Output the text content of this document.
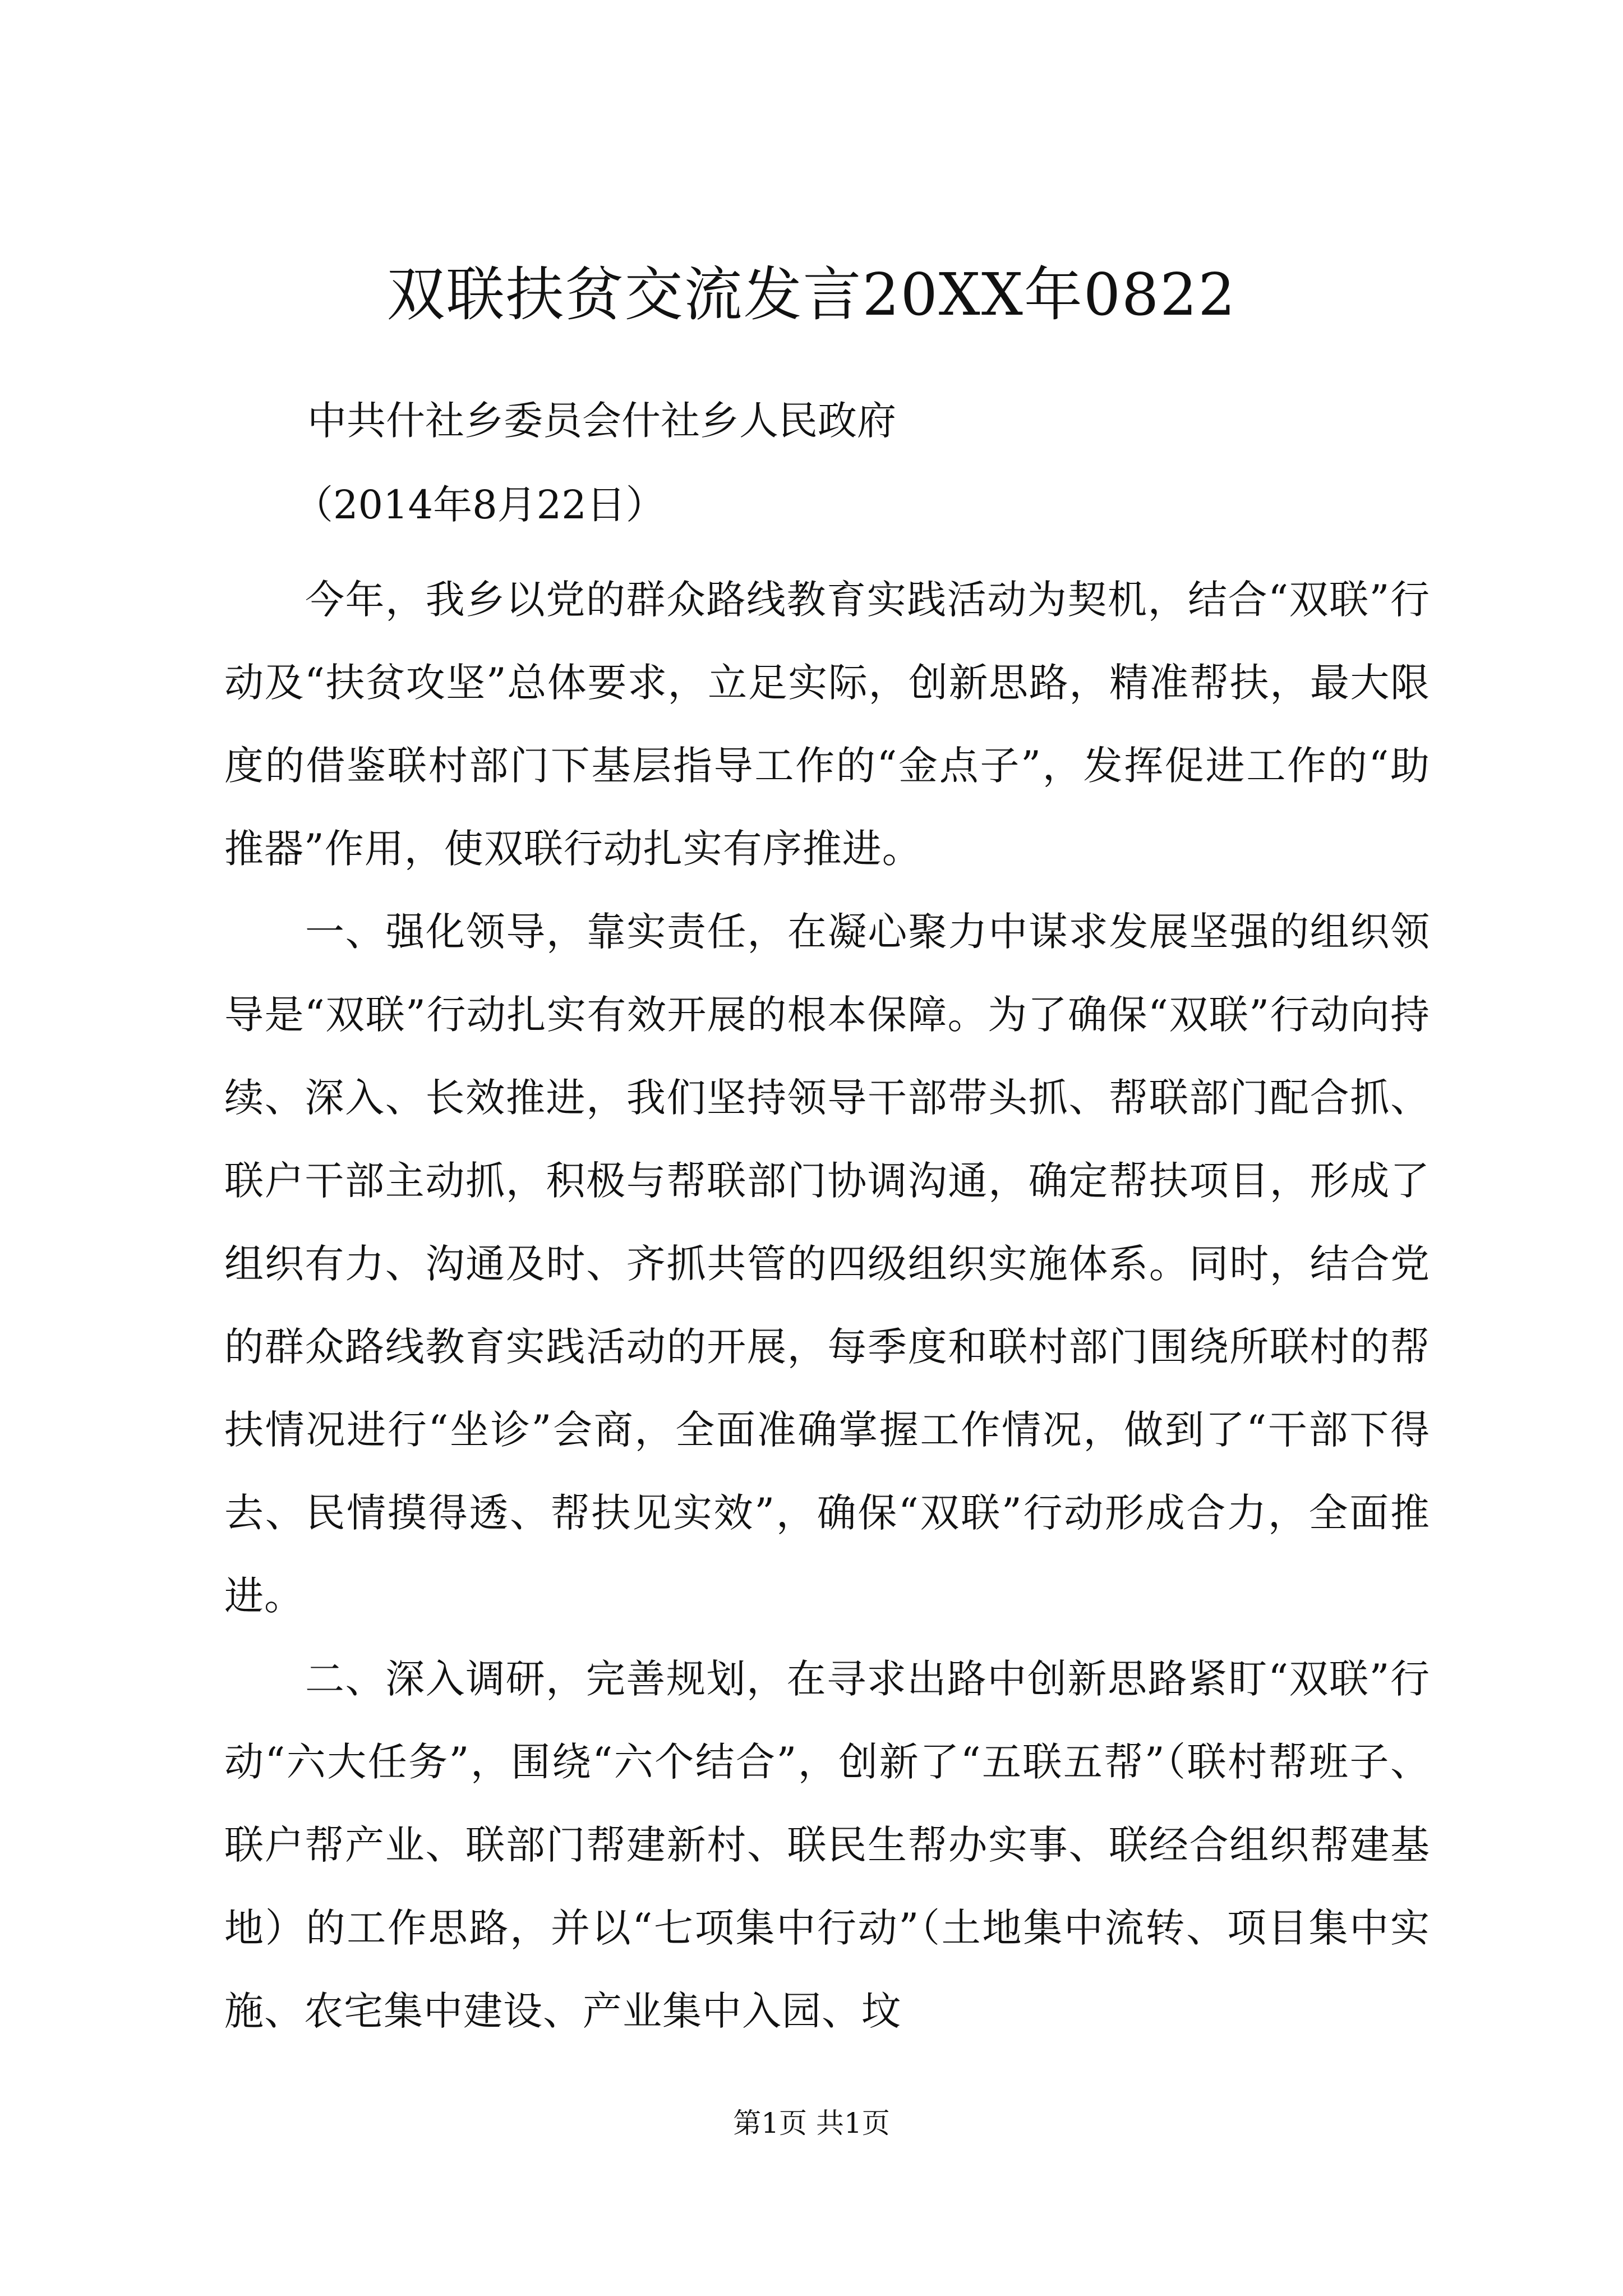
双联扶贫交流发言20XX年0822

中共什社乡委员会什社乡人民政府

（2014年8月22日）

今年，我乡以党的群众路线教育实践活动为契机，结合“双联”行动及“扶贫攻坚”总体要求，立足实际，创新思路，精准帮扶，最大限度的借鉴联村部门下基层指导工作的“金点子”，发挥促进工作的“助推器”作用，使双联行动扎实有序推进。

一、强化领导，靠实责任，在凝心聚力中谋求发展坚强的组织领导是“双联”行动扎实有效开展的根本保障。为了确保“双联”行动向持续、深入、长效推进，我们坚持领导干部带头抓、帮联部门配合抓、联户干部主动抓，积极与帮联部门协调沟通，确定帮扶项目，形成了组织有力、沟通及时、齐抓共管的四级组织实施体系。同时，结合党的群众路线教育实践活动的开展，每季度和联村部门围绕所联村的帮扶情况进行“坐诊”会商，全面准确掌握工作情况，做到了“干部下得去、民情摸得透、帮扶见实效”，确保“双联”行动形成合力，全面推进。

二、深入调研，完善规划，在寻求出路中创新思路紧盯“双联”行动“六大任务”，围绕“六个结合”，创新了“五联五帮”（联村帮班子、联户帮产业、联部门帮建新村、联民生帮办实事、联经合组织帮建基地）的工作思路，并以“七项集中行动”（土地集中流转、项目集中实施、农宅集中建设、产业集中入园、坟

第1页 共1页
